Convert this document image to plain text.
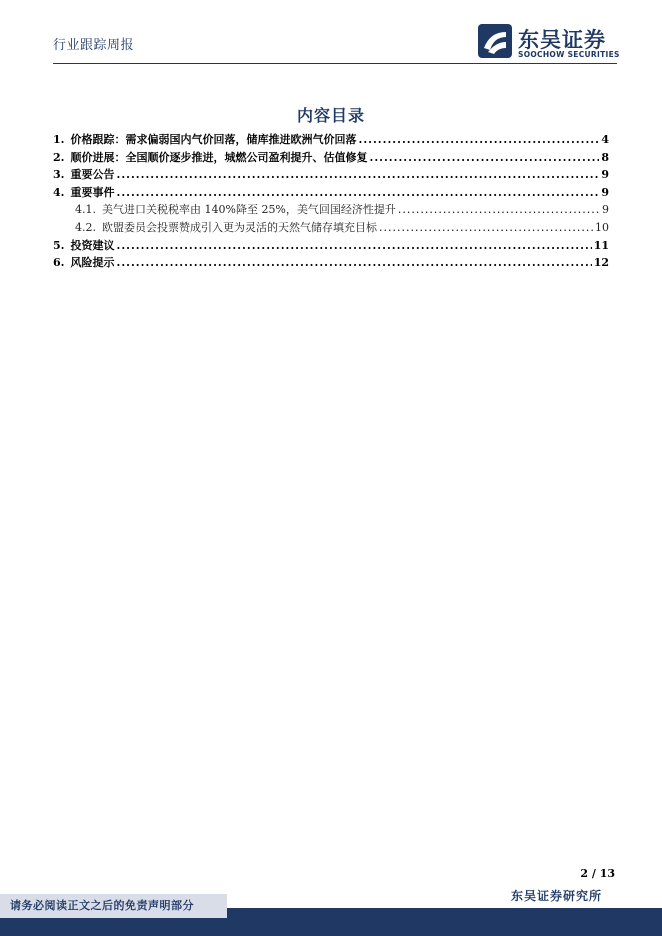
行业跟踪周报	东吴证券
SOOCHOW SECURITIES
内容目录
1. 价格跟踪：需求偏弱国内气价回落，储库推进欧洲气价回落 .....	4
2. 顺价进展：全国顺价逐步推进，城燃公司盈利提升、估值修复 .....	8
3. 重要公告 .....	9
4. 重要事件 .....	9
4.1. 美气进口关税税率由 140%降至 25%，美气回国经济性提升 .....	9
4.2. 欧盟委员会投票赞成引入更为灵活的天然气储存填充目标 .....	10
5. 投资建议 .....	11
6. 风险提示 .....	12
2 / 13
东吴证券研究所
请务必阅读正文之后的免责声明部分
